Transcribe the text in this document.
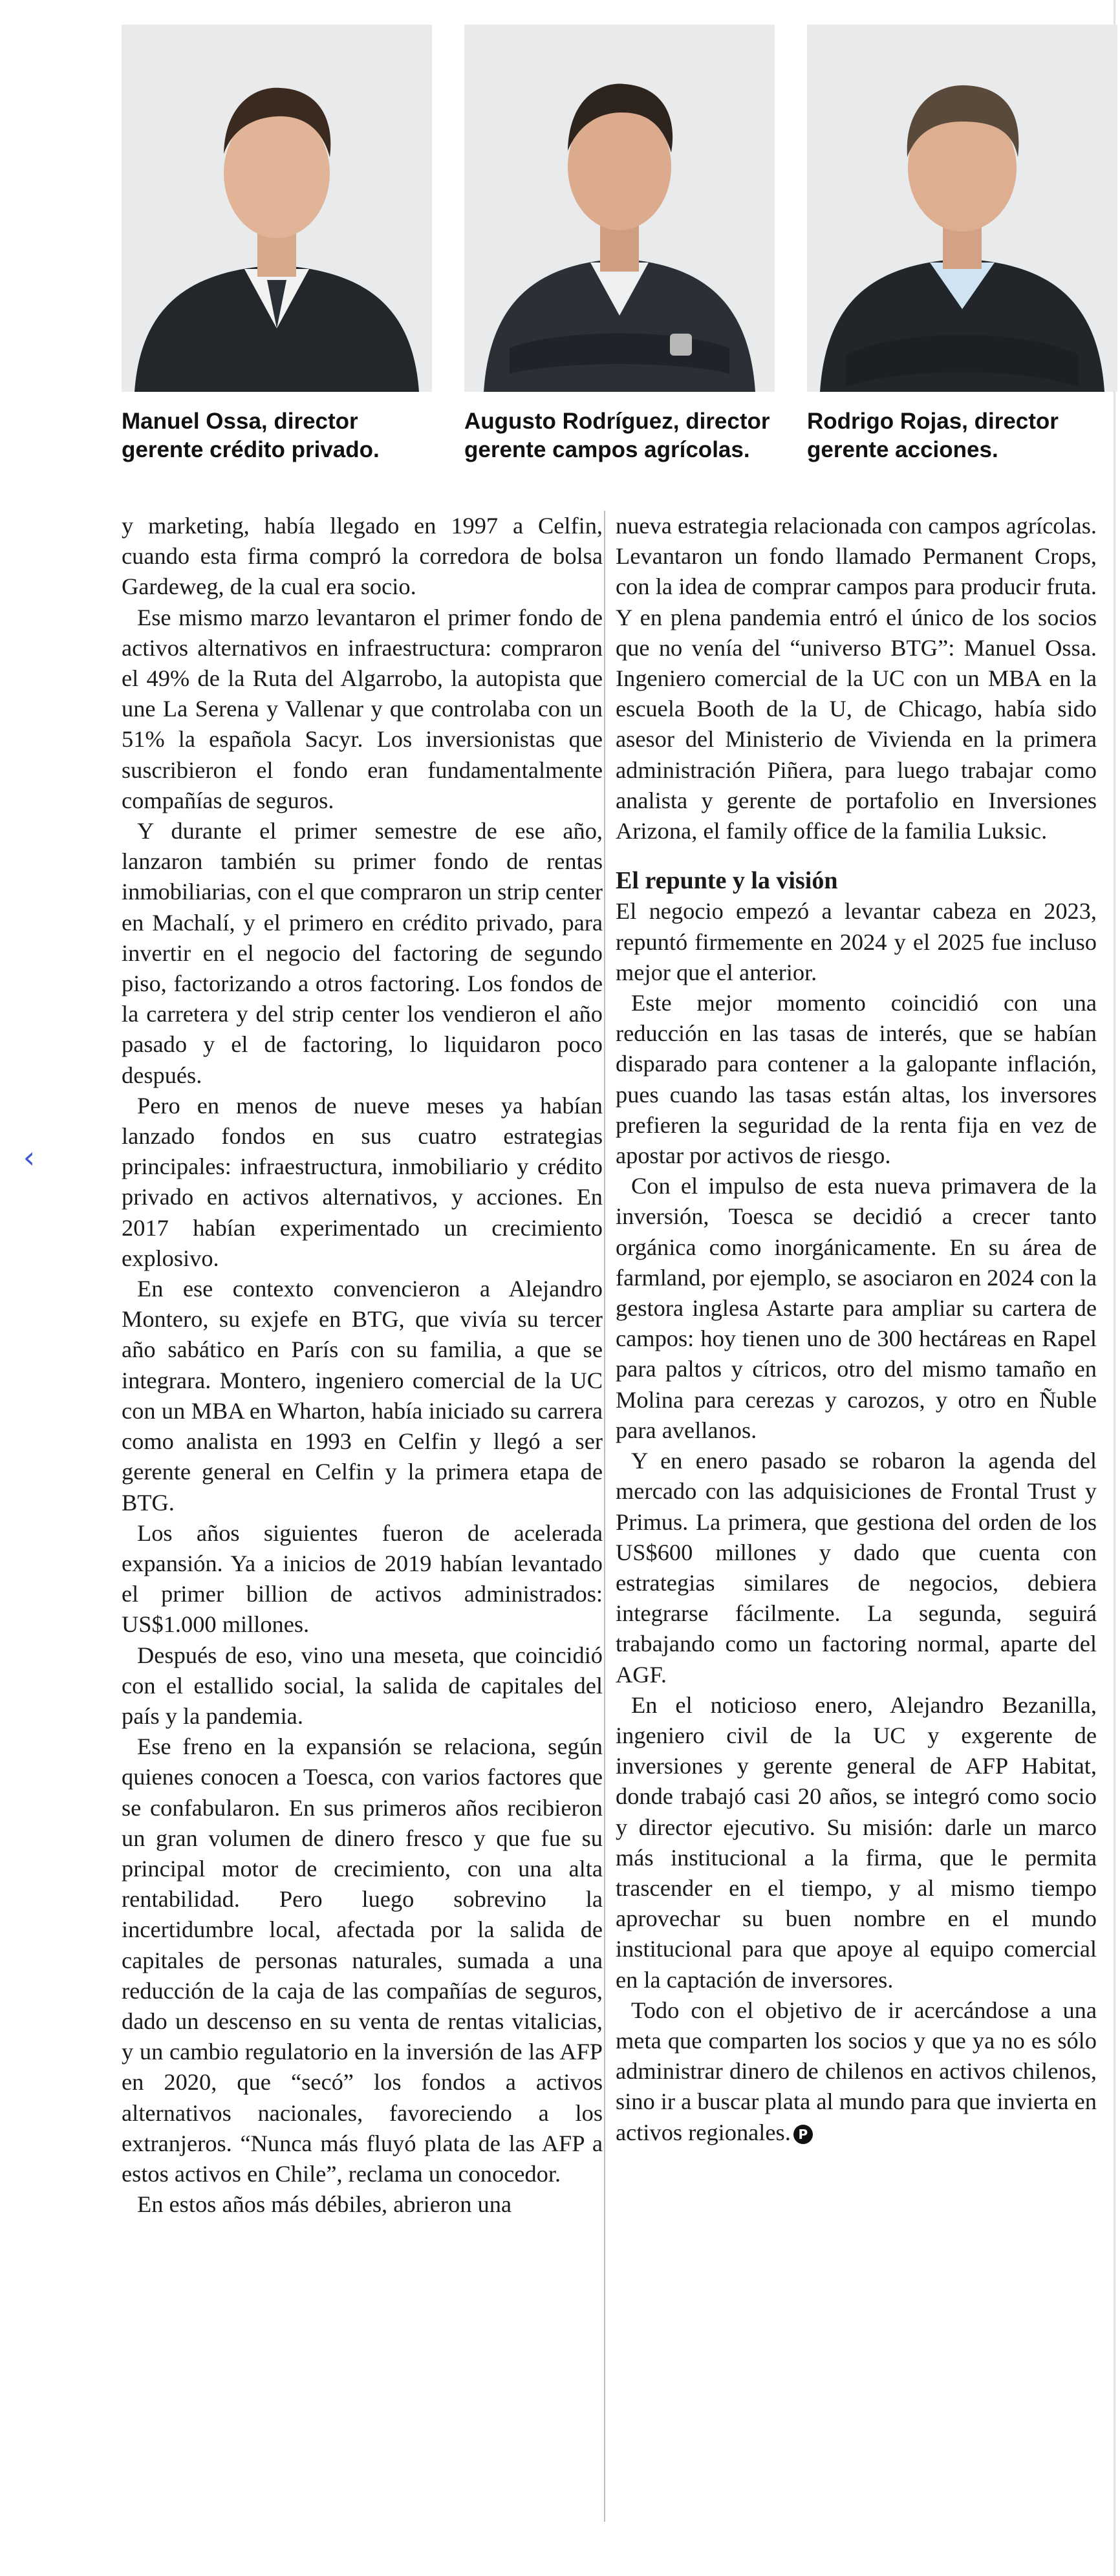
‹
Manuel Ossa, director gerente crédito privado.
Augusto Rodríguez, director gerente campos agrícolas.
Rodrigo Rojas, director gerente acciones.

y marketing, había llegado en 1997 a Celfin, cuando esta firma compró la corredora de bolsa Gardeweg, de la cual era socio.

Ese mismo marzo levantaron el primer fondo de activos alternativos en infraestructura: compraron el 49% de la Ruta del Algarrobo, la autopista que une La Serena y Vallenar y que controlaba con un 51% la española Sacyr. Los inversionistas que suscribieron el fondo eran fundamentalmente compañías de seguros.

Y durante el primer semestre de ese año, lanzaron también su primer fondo de rentas inmobiliarias, con el que compraron un strip center en Machalí, y el primero en crédito privado, para invertir en el negocio del factoring de segundo piso, factorizando a otros factoring. Los fondos de la carretera y del strip center los vendieron el año pasado y el de factoring, lo liquidaron poco después.

Pero en menos de nueve meses ya habían lanzado fondos en sus cuatro estrategias principales: infraestructura, inmobiliario y crédito privado en activos alternativos, y acciones. En 2017 habían experimentado un crecimiento explosivo.

En ese contexto convencieron a Alejandro Montero, su exjefe en BTG, que vivía su tercer año sabático en París con su familia, a que se integrara. Montero, ingeniero comercial de la UC con un MBA en Wharton, había iniciado su carrera como analista en 1993 en Celfin y llegó a ser gerente general en Celfin y la primera etapa de BTG.

Los años siguientes fueron de acelerada expansión. Ya a inicios de 2019 habían levantado el primer billion de activos administrados: US$1.000 millones.

Después de eso, vino una meseta, que coincidió con el estallido social, la salida de capitales del país y la pandemia.

Ese freno en la expansión se relaciona, según quienes conocen a Toesca, con varios factores que se confabularon. En sus primeros años recibieron un gran volumen de dinero fresco y que fue su principal motor de crecimiento, con una alta rentabilidad. Pero luego sobrevino la incertidumbre local, afectada por la salida de capitales de personas naturales, sumada a una reducción de la caja de las compañías de seguros, dado un descenso en su venta de rentas vitalicias, y un cambio regulatorio en la inversión de las AFP en 2020, que “secó” los fondos a activos alternativos nacionales, favoreciendo a los extranjeros. “Nunca más fluyó plata de las AFP a estos activos en Chile”, reclama un conocedor.

En estos años más débiles, abrieron una

nueva estrategia relacionada con campos agrícolas. Levantaron un fondo llamado Permanent Crops, con la idea de comprar campos para producir fruta. Y en plena pandemia entró el único de los socios que no venía del “universo BTG”: Manuel Ossa. Ingeniero comercial de la UC con un MBA en la escuela Booth de la U, de Chicago, había sido asesor del Ministerio de Vivienda en la primera administración Piñera, para luego trabajar como analista y gerente de portafolio en Inversiones Arizona, el family office de la familia Luksic.

El repunte y la visión

El negocio empezó a levantar cabeza en 2023, repuntó firmemente en 2024 y el 2025 fue incluso mejor que el anterior.

Este mejor momento coincidió con una reducción en las tasas de interés, que se habían disparado para contener a la galopante inflación, pues cuando las tasas están altas, los inversores prefieren la seguridad de la renta fija en vez de apostar por activos de riesgo.

Con el impulso de esta nueva primavera de la inversión, Toesca se decidió a crecer tanto orgánica como inorgánicamente. En su área de farmland, por ejemplo, se asociaron en 2024 con la gestora inglesa Astarte para ampliar su cartera de campos: hoy tienen uno de 300 hectáreas en Rapel para paltos y cítricos, otro del mismo tamaño en Molina para cerezas y carozos, y otro en Ñuble para avellanos.

Y en enero pasado se robaron la agenda del mercado con las adquisiciones de Frontal Trust y Primus. La primera, que gestiona del orden de los US$600 millones y dado que cuenta con estrategias similares de negocios, debiera integrarse fácilmente. La segunda, seguirá trabajando como un factoring normal, aparte del AGF.

En el noticioso enero, Alejandro Bezanilla, ingeniero civil de la UC y exgerente de inversiones y gerente general de AFP Habitat, donde trabajó casi 20 años, se integró como socio y director ejecutivo. Su misión: darle un marco más institucional a la firma, que le permita trascender en el tiempo, y al mismo tiempo aprovechar su buen nombre en el mundo institucional para que apoye al equipo comercial en la captación de inversores.

Todo con el objetivo de ir acercándose a una meta que comparten los socios y que ya no es sólo administrar dinero de chilenos en activos chilenos, sino ir a buscar plata al mundo para que invierta en activos regionales. P
